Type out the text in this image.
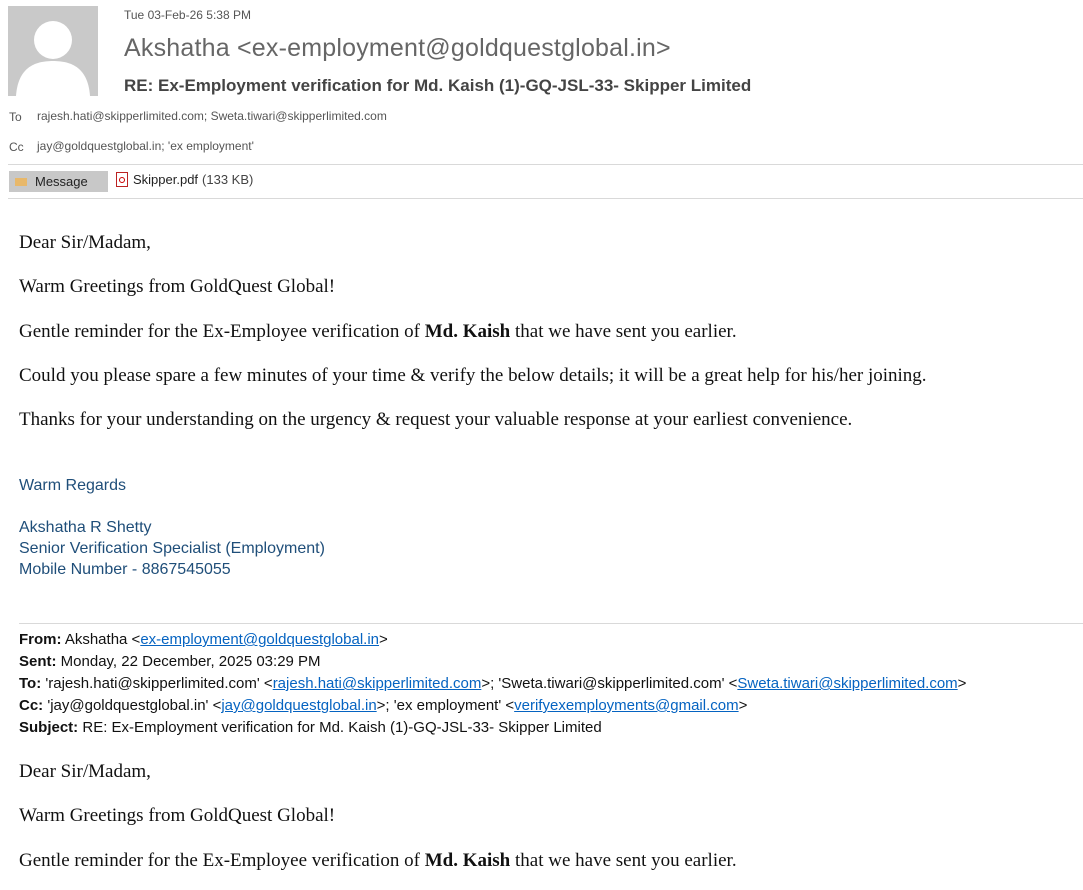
Tue 03-Feb-26 5:38 PM
Akshatha <ex-employment@goldquestglobal.in>
RE: Ex-Employment verification for Md. Kaish (1)-GQ-JSL-33- Skipper Limited
To rajesh.hati@skipperlimited.com; Sweta.tiwari@skipperlimited.com
Cc jay@goldquestglobal.in; 'ex employment'
Message	Skipper.pdf (133 KB)
Dear Sir/Madam,
Warm Greetings from GoldQuest Global!
Gentle reminder for the Ex-Employee verification of Md. Kaish that we have sent you earlier.
Could you please spare a few minutes of your time & verify the below details; it will be a great help for his/her joining.
Thanks for your understanding on the urgency & request your valuable response at your earliest convenience.
Warm Regards
Akshatha R Shetty
Senior Verification Specialist (Employment)
Mobile Number - 8867545055
From: Akshatha <ex-employment@goldquestglobal.in>
Sent: Monday, 22 December, 2025 03:29 PM
To: 'rajesh.hati@skipperlimited.com' <rajesh.hati@skipperlimited.com>; 'Sweta.tiwari@skipperlimited.com' <Sweta.tiwari@skipperlimited.com>
Cc: 'jay@goldquestglobal.in' <jay@goldquestglobal.in>; 'ex employment' <verifyexemployments@gmail.com>
Subject: RE: Ex-Employment verification for Md. Kaish (1)-GQ-JSL-33- Skipper Limited
Dear Sir/Madam,
Warm Greetings from GoldQuest Global!
Gentle reminder for the Ex-Employee verification of Md. Kaish that we have sent you earlier.
